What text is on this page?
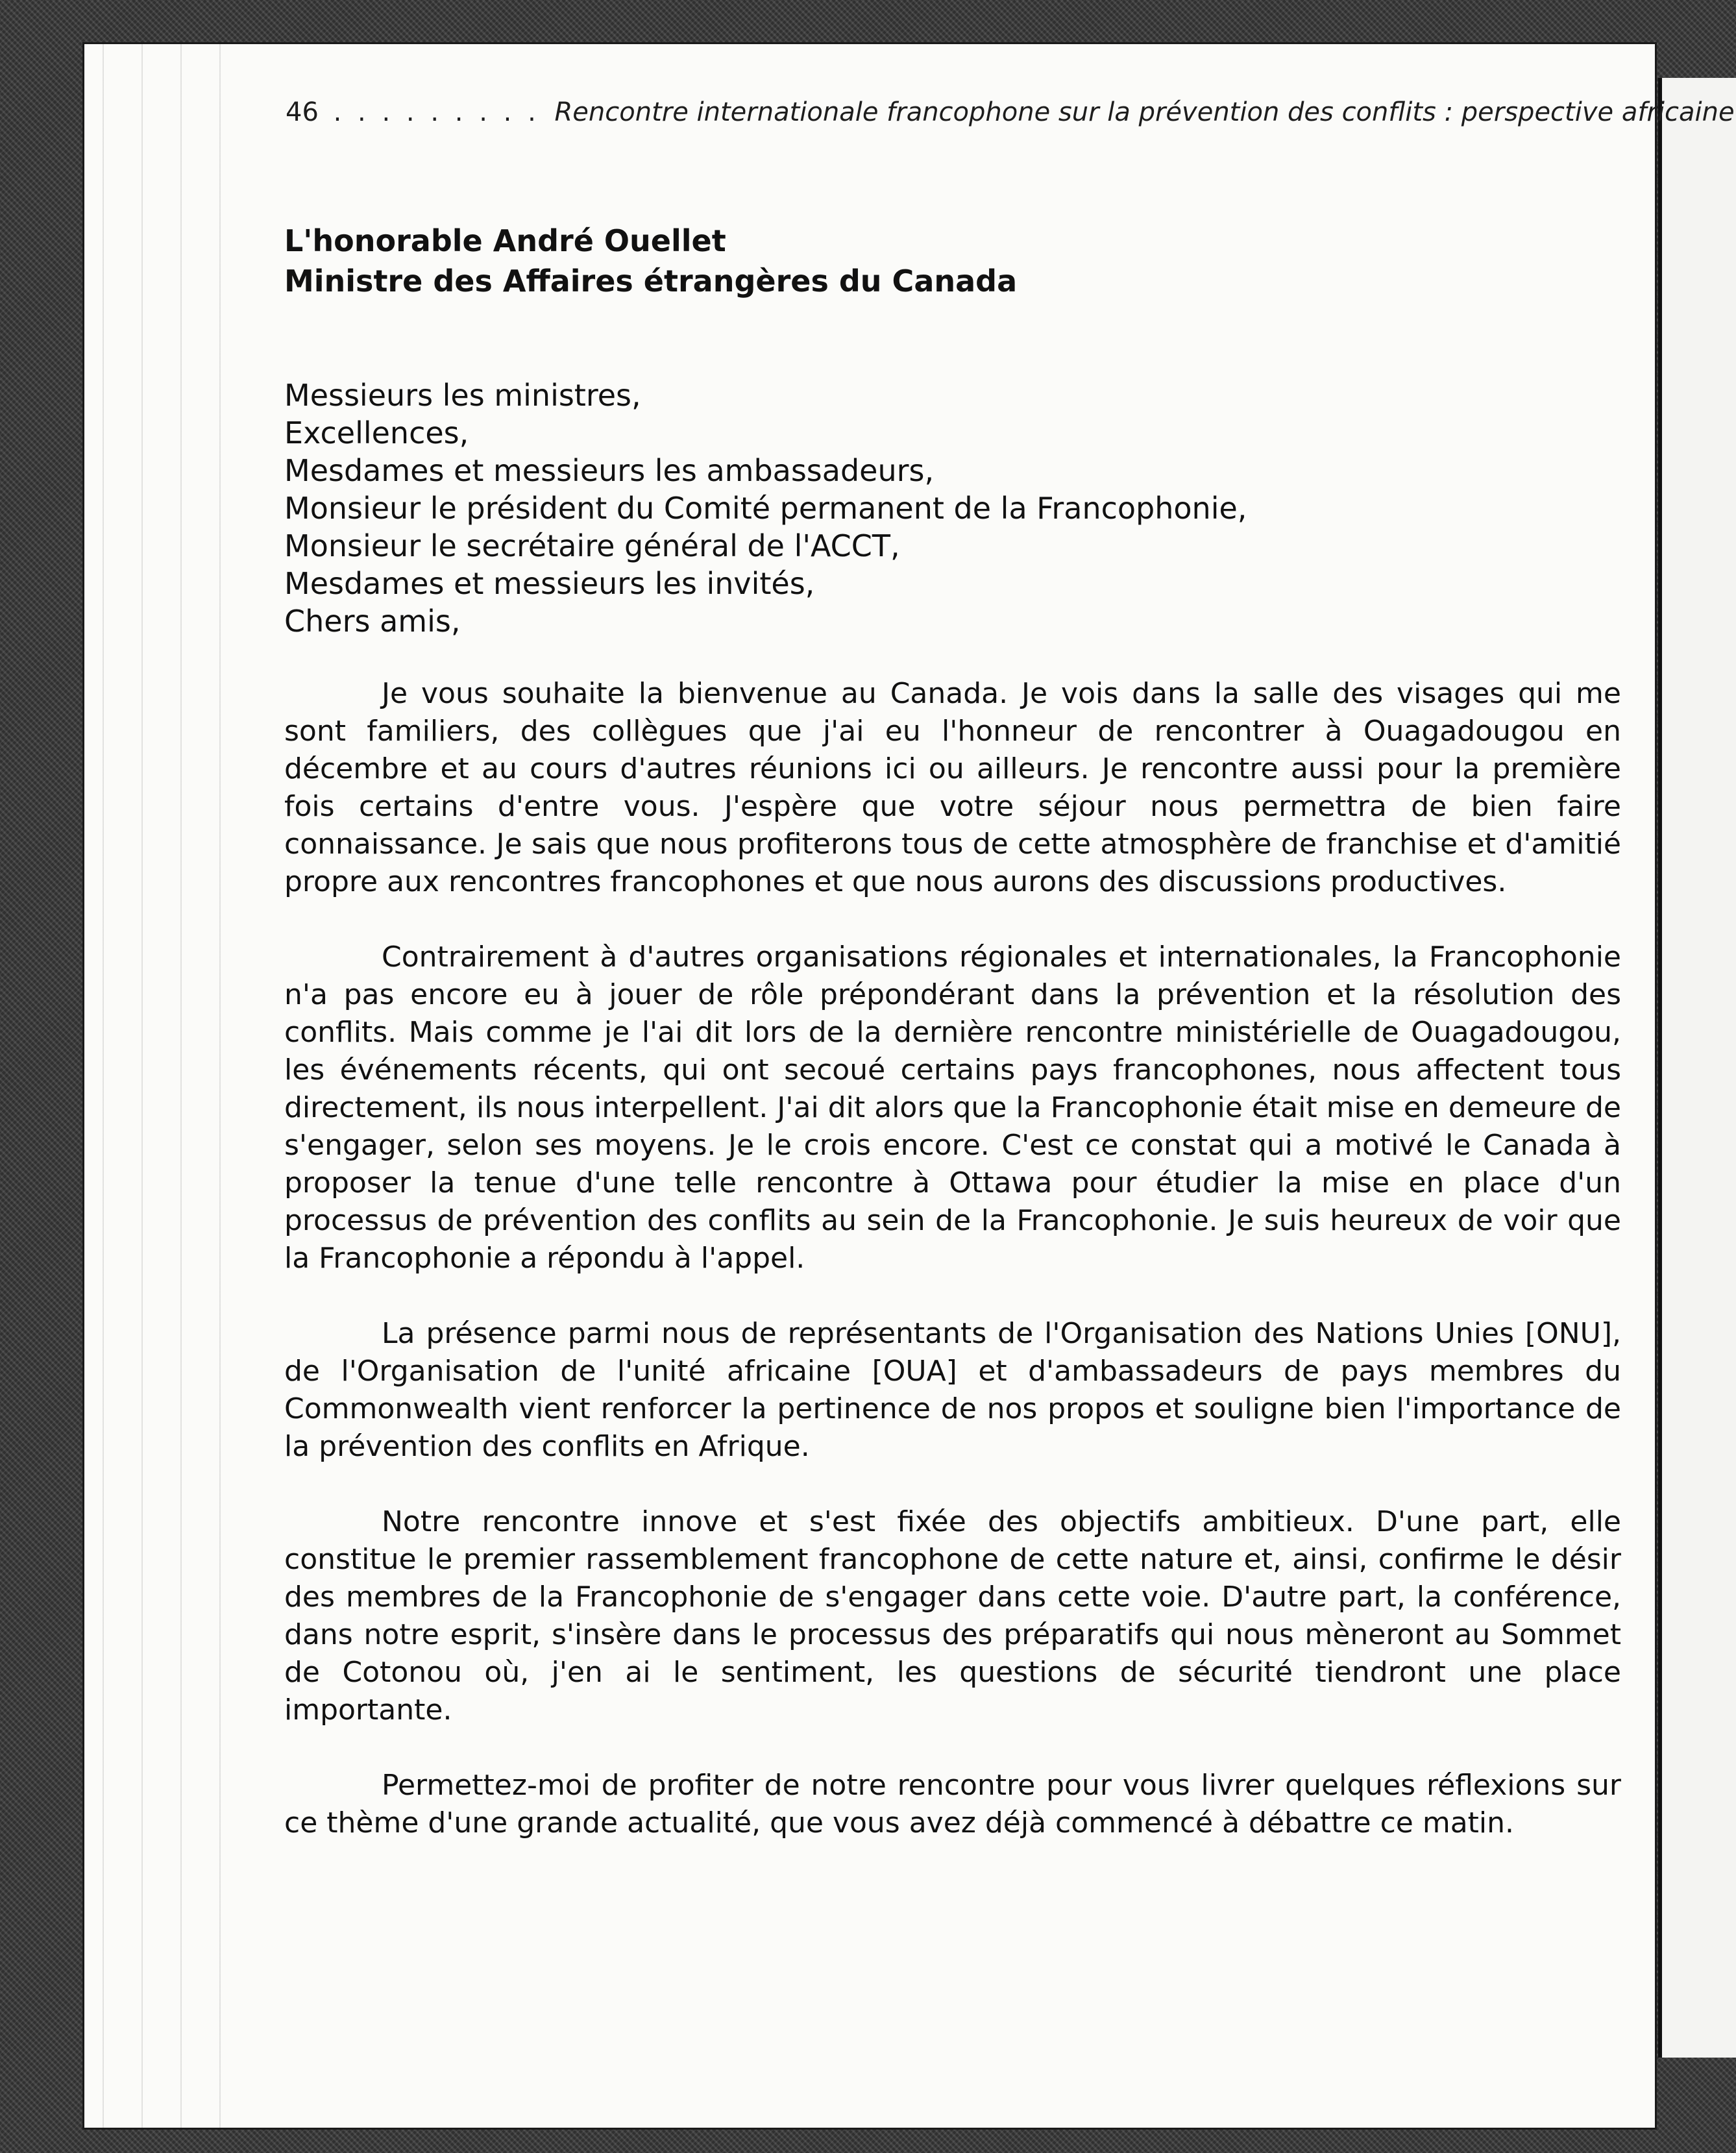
46 . . . . . . . . . Rencontre internationale francophone sur la prévention des conflits : perspective africaine
L'honorable André Ouellet
Ministre des Affaires étrangères du Canada
Messieurs les ministres,
Excellences,
Mesdames et messieurs les ambassadeurs,
Monsieur le président du Comité permanent de la Francophonie,
Monsieur le secrétaire général de l'ACCT,
Mesdames et messieurs les invités,
Chers amis,

Je vous souhaite la bienvenue au Canada. Je vois dans la salle des visages qui me sont familiers, des collègues que j'ai eu l'honneur de rencontrer à Ouagadougou en décembre et au cours d'autres réunions ici ou ailleurs. Je rencontre aussi pour la première fois certains d'entre vous. J'espère que votre séjour nous permettra de bien faire connaissance. Je sais que nous profiterons tous de cette atmosphère de franchise et d'amitié propre aux rencontres francophones et que nous aurons des discussions productives.

Contrairement à d'autres organisations régionales et internationales, la Francophonie n'a pas encore eu à jouer de rôle prépondérant dans la prévention et la résolution des conflits. Mais comme je l'ai dit lors de la dernière rencontre ministérielle de Ouagadougou, les événements récents, qui ont secoué certains pays francophones, nous affectent tous directement, ils nous interpellent. J'ai dit alors que la Francophonie était mise en demeure de s'engager, selon ses moyens. Je le crois encore. C'est ce constat qui a motivé le Canada à proposer la tenue d'une telle rencontre à Ottawa pour étudier la mise en place d'un processus de prévention des conflits au sein de la Francophonie. Je suis heureux de voir que la Francophonie a répondu à l'appel.

La présence parmi nous de représentants de l'Organisation des Nations Unies [ONU], de l'Organisation de l'unité africaine [OUA] et d'ambassadeurs de pays membres du Commonwealth vient renforcer la pertinence de nos propos et souligne bien l'importance de la prévention des conflits en Afrique.

Notre rencontre innove et s'est fixée des objectifs ambitieux. D'une part, elle constitue le premier rassemblement francophone de cette nature et, ainsi, confirme le désir des membres de la Francophonie de s'engager dans cette voie. D'autre part, la conférence, dans notre esprit, s'insère dans le processus des préparatifs qui nous mèneront au Sommet de Cotonou où, j'en ai le sentiment, les questions de sécurité tiendront une place importante.

Permettez-moi de profiter de notre rencontre pour vous livrer quelques réflexions sur ce thème d'une grande actualité, que vous avez déjà commencé à débattre ce matin.
